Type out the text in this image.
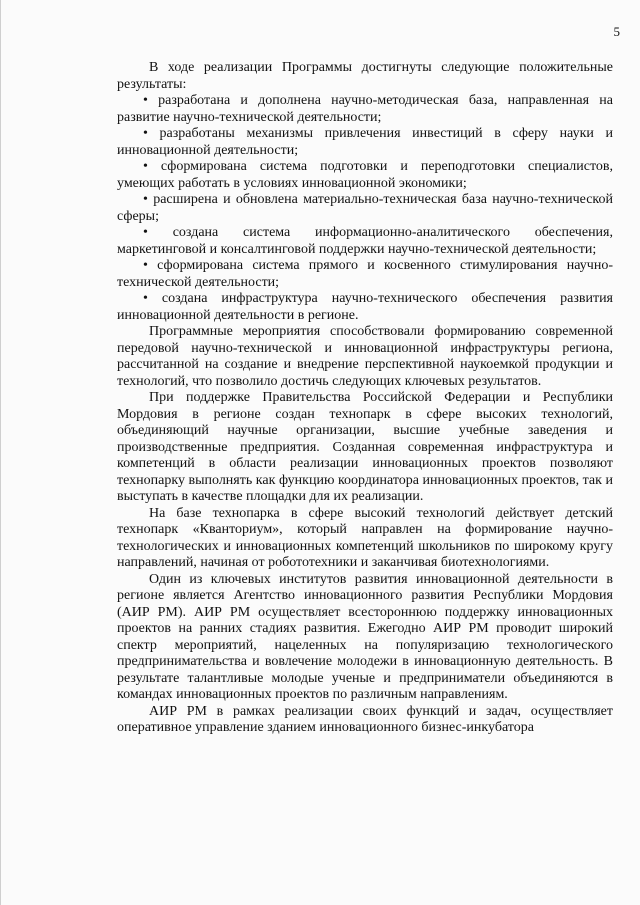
5

В ходе реализации Программы достигнуты следующие положительные результаты:

• разработана и дополнена научно-методическая база, направленная на развитие научно-технической деятельности;

• разработаны механизмы привлечения инвестиций в сферу науки и инновационной деятельности;

• сформирована система подготовки и переподготовки специалистов, умеющих работать в условиях инновационной экономики;

• расширена и обновлена материально-техническая база научно-технической сферы;

• создана система информационно-аналитического обеспечения, маркетинговой и консалтинговой поддержки научно-технической деятельности;

• сформирована система прямого и косвенного стимулирования научно-технической деятельности;

• создана инфраструктура научно-технического обеспечения развития инновационной деятельности в регионе.

Программные мероприятия способствовали формированию современной передовой научно-технической и инновационной инфраструктуры региона, рассчитанной на создание и внедрение перспективной наукоемкой продукции и технологий, что позволило достичь следующих ключевых результатов.

При поддержке Правительства Российской Федерации и Республики Мордовия в регионе создан технопарк в сфере высоких технологий, объединяющий научные организации, высшие учебные заведения и производственные предприятия. Созданная современная инфраструктура и компетенций в области реализации инновационных проектов позволяют технопарку выполнять как функцию координатора инновационных проектов, так и выступать в качестве площадки для их реализации.

На базе технопарка в сфере высокий технологий действует детский технопарк «Кванториум», который направлен на формирование научно-технологических и инновационных компетенций школьников по широкому кругу направлений, начиная от робототехники и заканчивая биотехнологиями.

Один из ключевых институтов развития инновационной деятельности в регионе является Агентство инновационного развития Республики Мордовия (АИР РМ). АИР РМ осуществляет всестороннюю поддержку инновационных проектов на ранних стадиях развития. Ежегодно АИР РМ проводит широкий спектр мероприятий, нацеленных на популяризацию технологического предпринимательства и вовлечение молодежи в инновационную деятельность. В результате талантливые молодые ученые и предприниматели объединяются в командах инновационных проектов по различным направлениям.

АИР РМ в рамках реализации своих функций и задач, осуществляет оперативное управление зданием инновационного бизнес-инкубатора
